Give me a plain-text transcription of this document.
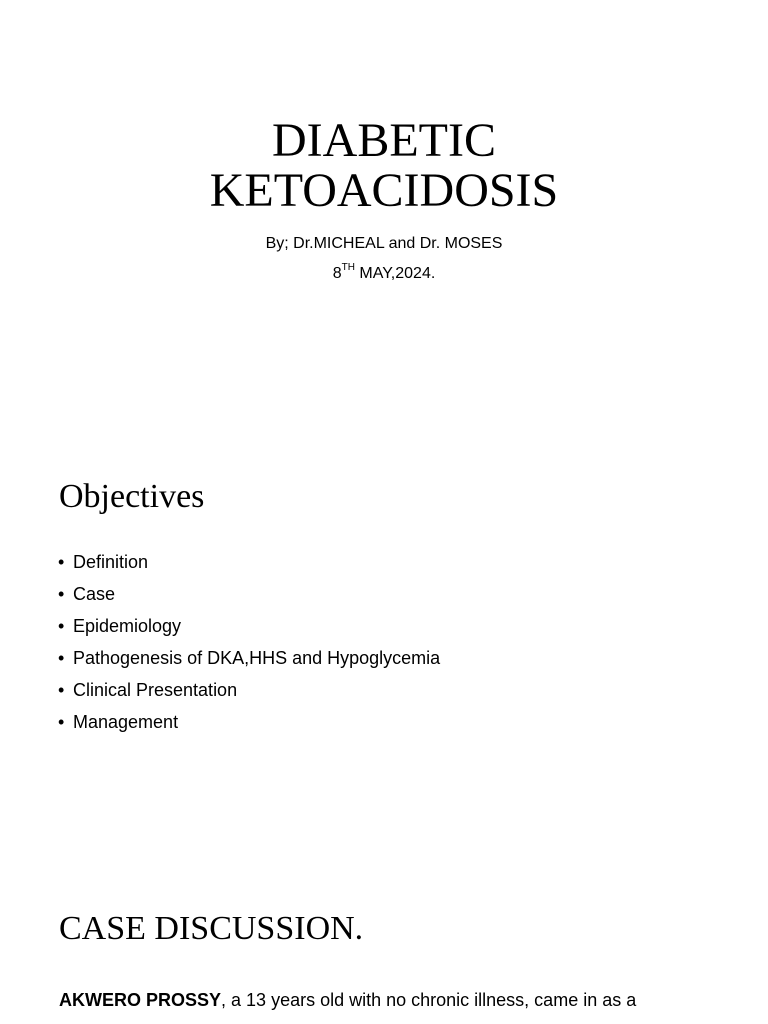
DIABETIC
KETOACIDOSIS
By; Dr.MICHEAL and Dr. MOSES
8TH MAY,2024.
Objectives
• Definition
• Case
• Epidemiology
• Pathogenesis of DKA,HHS and Hypoglycemia
• Clinical Presentation
• Management
CASE DISCUSSION.

AKWERO PROSSY, a 13 years old with no chronic illness, came in as a
